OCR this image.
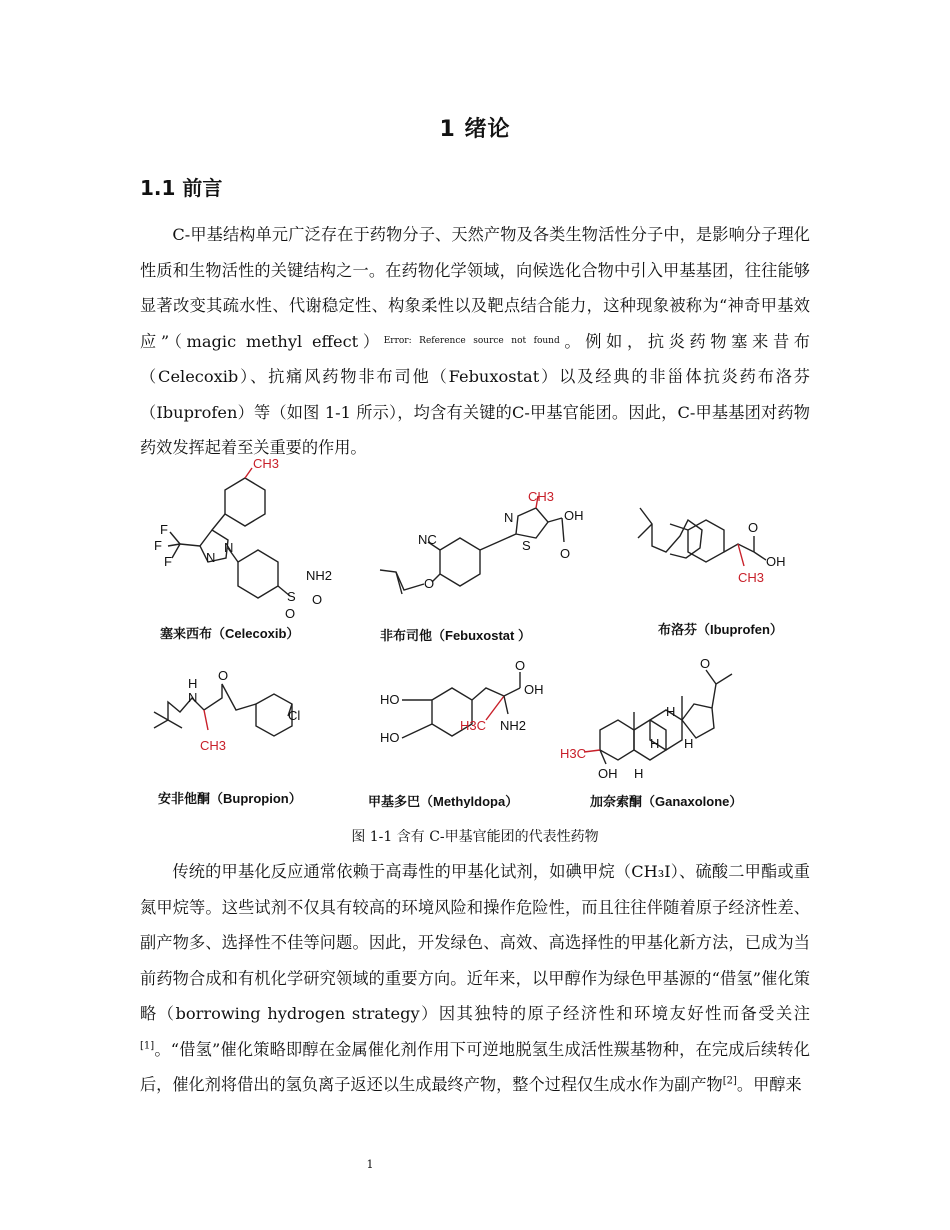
1 绪论
1.1 前言

C-甲基结构单元广泛存在于药物分子、天然产物及各类生物活性分子中，是影响分子理化性质和生物活性的关键结构之一。在药物化学领域，向候选化合物中引入甲基基团，往往能够显著改变其疏水性、代谢稳定性、构象柔性以及靶点结合能力，这种现象被称为“神奇甲基效应”（magic methyl effect）$^{Error: Reference source not found}$。例如，抗炎药物塞来昔布（Celecoxib）、抗痛风药物非布司他（Febuxostat）以及经典的非甾体抗炎药布洛芬（Ibuprofen）等（如图 1-1 所示），均含有关键的C-甲基官能团。因此，C-甲基基团对药物药效发挥起着至关重要的作用。

CH3
F
F
F	N
N
S
NH2
O
O
塞来西布（Celecoxib）
NC
O
N
S
CH3
O
OH
非布司他（Febuxostat ）
CH3
O
OH
布洛芬（Ibuprofen）
N
H
CH3
O
Cl
安非他酮（Bupropion）
HO
HO
O
OH
H3C NH2
甲基多巴（Methyldopa）
H3C
OH H
H
H
H
O
加奈索酮（Ganaxolone）
图 1-1 含有 C-甲基官能团的代表性药物

传统的甲基化反应通常依赖于高毒性的甲基化试剂，如碘甲烷（CH₃I）、硫酸二甲酯或重氮甲烷等。这些试剂不仅具有较高的环境风险和操作危险性，而且往往伴随着原子经济性差、副产物多、选择性不佳等问题。因此，开发绿色、高效、高选择性的甲基化新方法，已成为当前药物合成和有机化学研究领域的重要方向。近年来，以甲醇作为绿色甲基源的“借氢”催化策略（borrowing hydrogen strategy）因其独特的原子经济性和环境友好性而备受关注[1]。“借氢”催化策略即醇在金属催化剂作用下可逆地脱氢生成活性羰基物种，在完成后续转化后，催化剂将借出的氢负离子返还以生成最终产物，整个过程仅生成水作为副产物[2]。甲醇来

1
